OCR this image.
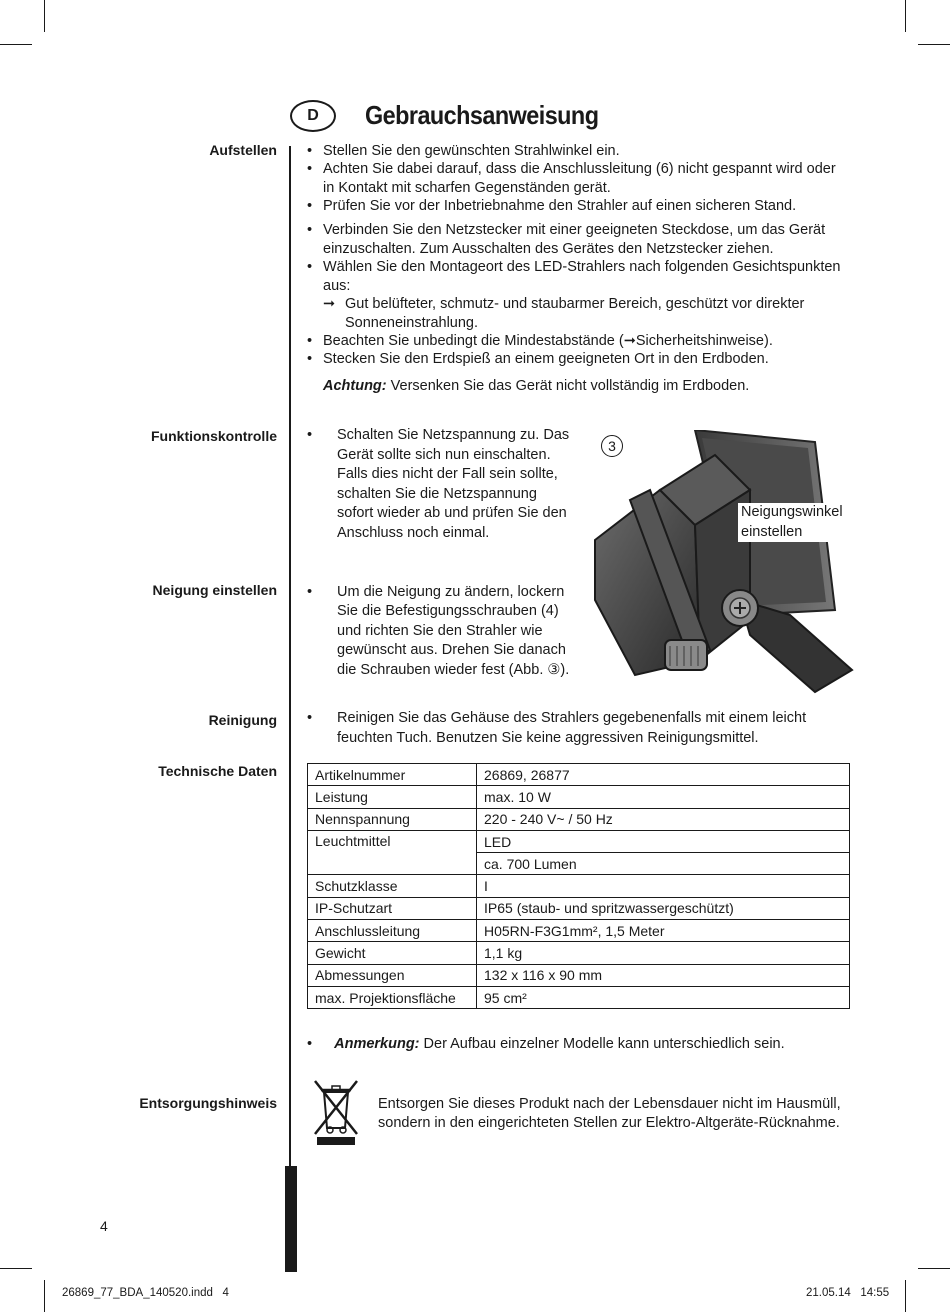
D	Gebrauchsanweisung
Aufstellen • Stellen Sie den gewünschten Strahlwinkel ein.
• Achten Sie dabei darauf, dass die Anschlussleitung (6) nicht gespannt wird oder
in Kontakt mit scharfen Gegenständen gerät.
• Prüfen Sie vor der Inbetriebnahme den Strahler auf einen sicheren Stand.
• Verbinden Sie den Netzstecker mit einer geeigneten Steckdose, um das Gerät
einzuschalten. Zum Ausschalten des Gerätes den Netzstecker ziehen.
• Wählen Sie den Montageort des LED-Strahlers nach folgenden Gesichtspunkten
aus:
➞ Gut belüfteter, schmutz- und staubarmer Bereich, geschützt vor direkter
Sonneneinstrahlung.
• Beachten Sie unbedingt die Mindestabstände (➞Sicherheitshinweise).
• Stecken Sie den Erdspieß an einem geeigneten Ort in den Erdboden.
Achtung: Versenken Sie das Gerät nicht vollständig im Erdboden.
Funktionskontrolle • Schalten Sie Netzspannung zu. Das
Gerät sollte sich nun einschalten.
Falls dies nicht der Fall sein sollte,
schalten Sie die Netzspannung
sofort wieder ab und prüfen Sie den
Anschluss noch einmal.
Neigung einstellen • Um die Neigung zu ändern, lockern
Sie die Befestigungsschrauben (4)
und richten Sie den Strahler wie
gewünscht aus. Drehen Sie danach
die Schrauben wieder fest (Abb. ③).
3
Neigungswinkel
einstellen
Reinigung • Reinigen Sie das Gehäuse des Strahlers gegebenenfalls mit einem leicht
feuchten Tuch. Benutzen Sie keine aggressiven Reinigungsmittel.
Technische Daten	Artikelnummer	26869, 26877
Leistung	max. 10 W
Nennspannung	220 - 240 V~ / 50 Hz
Leuchtmittel	LED
	ca. 700 Lumen
Schutzklasse	I
IP-Schutzart	IP65 (staub- und spritzwassergeschützt)
Anschlussleitung	H05RN-F3G1mm², 1,5 Meter
Gewicht	1,1 kg
Abmessungen	132 x 116 x 90 mm
max. Projektionsfläche	95 cm²
• Anmerkung: Der Aufbau einzelner Modelle kann unterschiedlich sein.
Entsorgungshinweis	Entsorgen Sie dieses Produkt nach der Lebensdauer nicht im Hausmüll,
sondern in den eingerichteten Stellen zur Elektro-Altgeräte-Rücknahme.
4
26869_77_BDA_140520.indd   4	21.05.14   14:55
